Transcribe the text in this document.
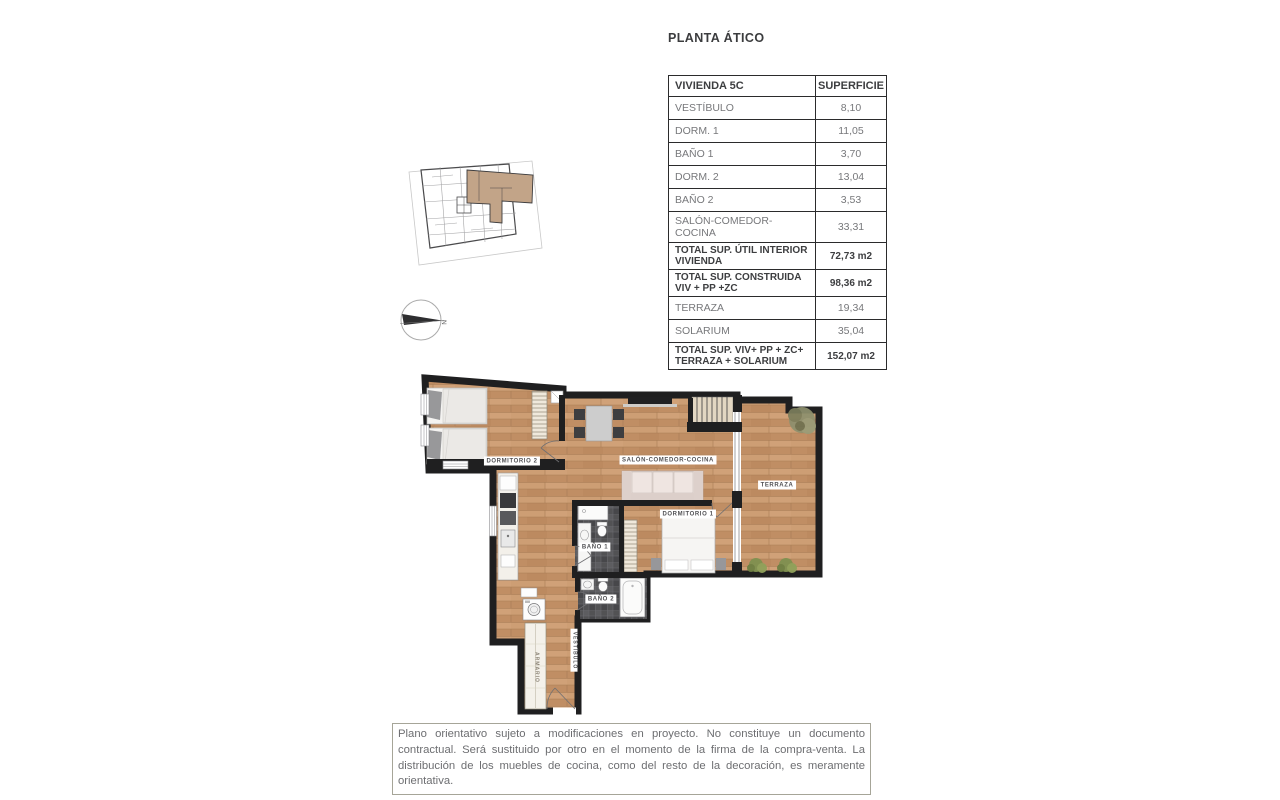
PLANTA ÁTICO
VIVIENDA 5C	SUPERFICIE
VESTÍBULO	8,10
DORM. 1	11,05
BAÑO 1	3,70
DORM. 2	13,04
BAÑO 2	3,53
SALÓN-COMEDOR-COCINA	33,31
TOTAL SUP. ÚTIL INTERIOR VIVIENDA	72,73 m2
TOTAL SUP. CONSTRUIDA VIV + PP +ZC	98,36 m2
TERRAZA	19,34
SOLARIUM	35,04
TOTAL SUP. VIV+ PP + ZC+ TERRAZA + SOLARIUM	152,07 m2
N
DORMITORIO 2	SALÓN-COMEDOR-COCINA
DORMITORIO 1
TERRAZA
BAÑO 1
BAÑO 2
VESTÍBULO
ARMARIO

Plano orientativo sujeto a modificaciones en proyecto. No constituye un documento contractual. Será sustituido por otro en el momento de la firma de la compra-venta. La distribución de los muebles de cocina, como del resto de la decoración, es meramente orientativa.
